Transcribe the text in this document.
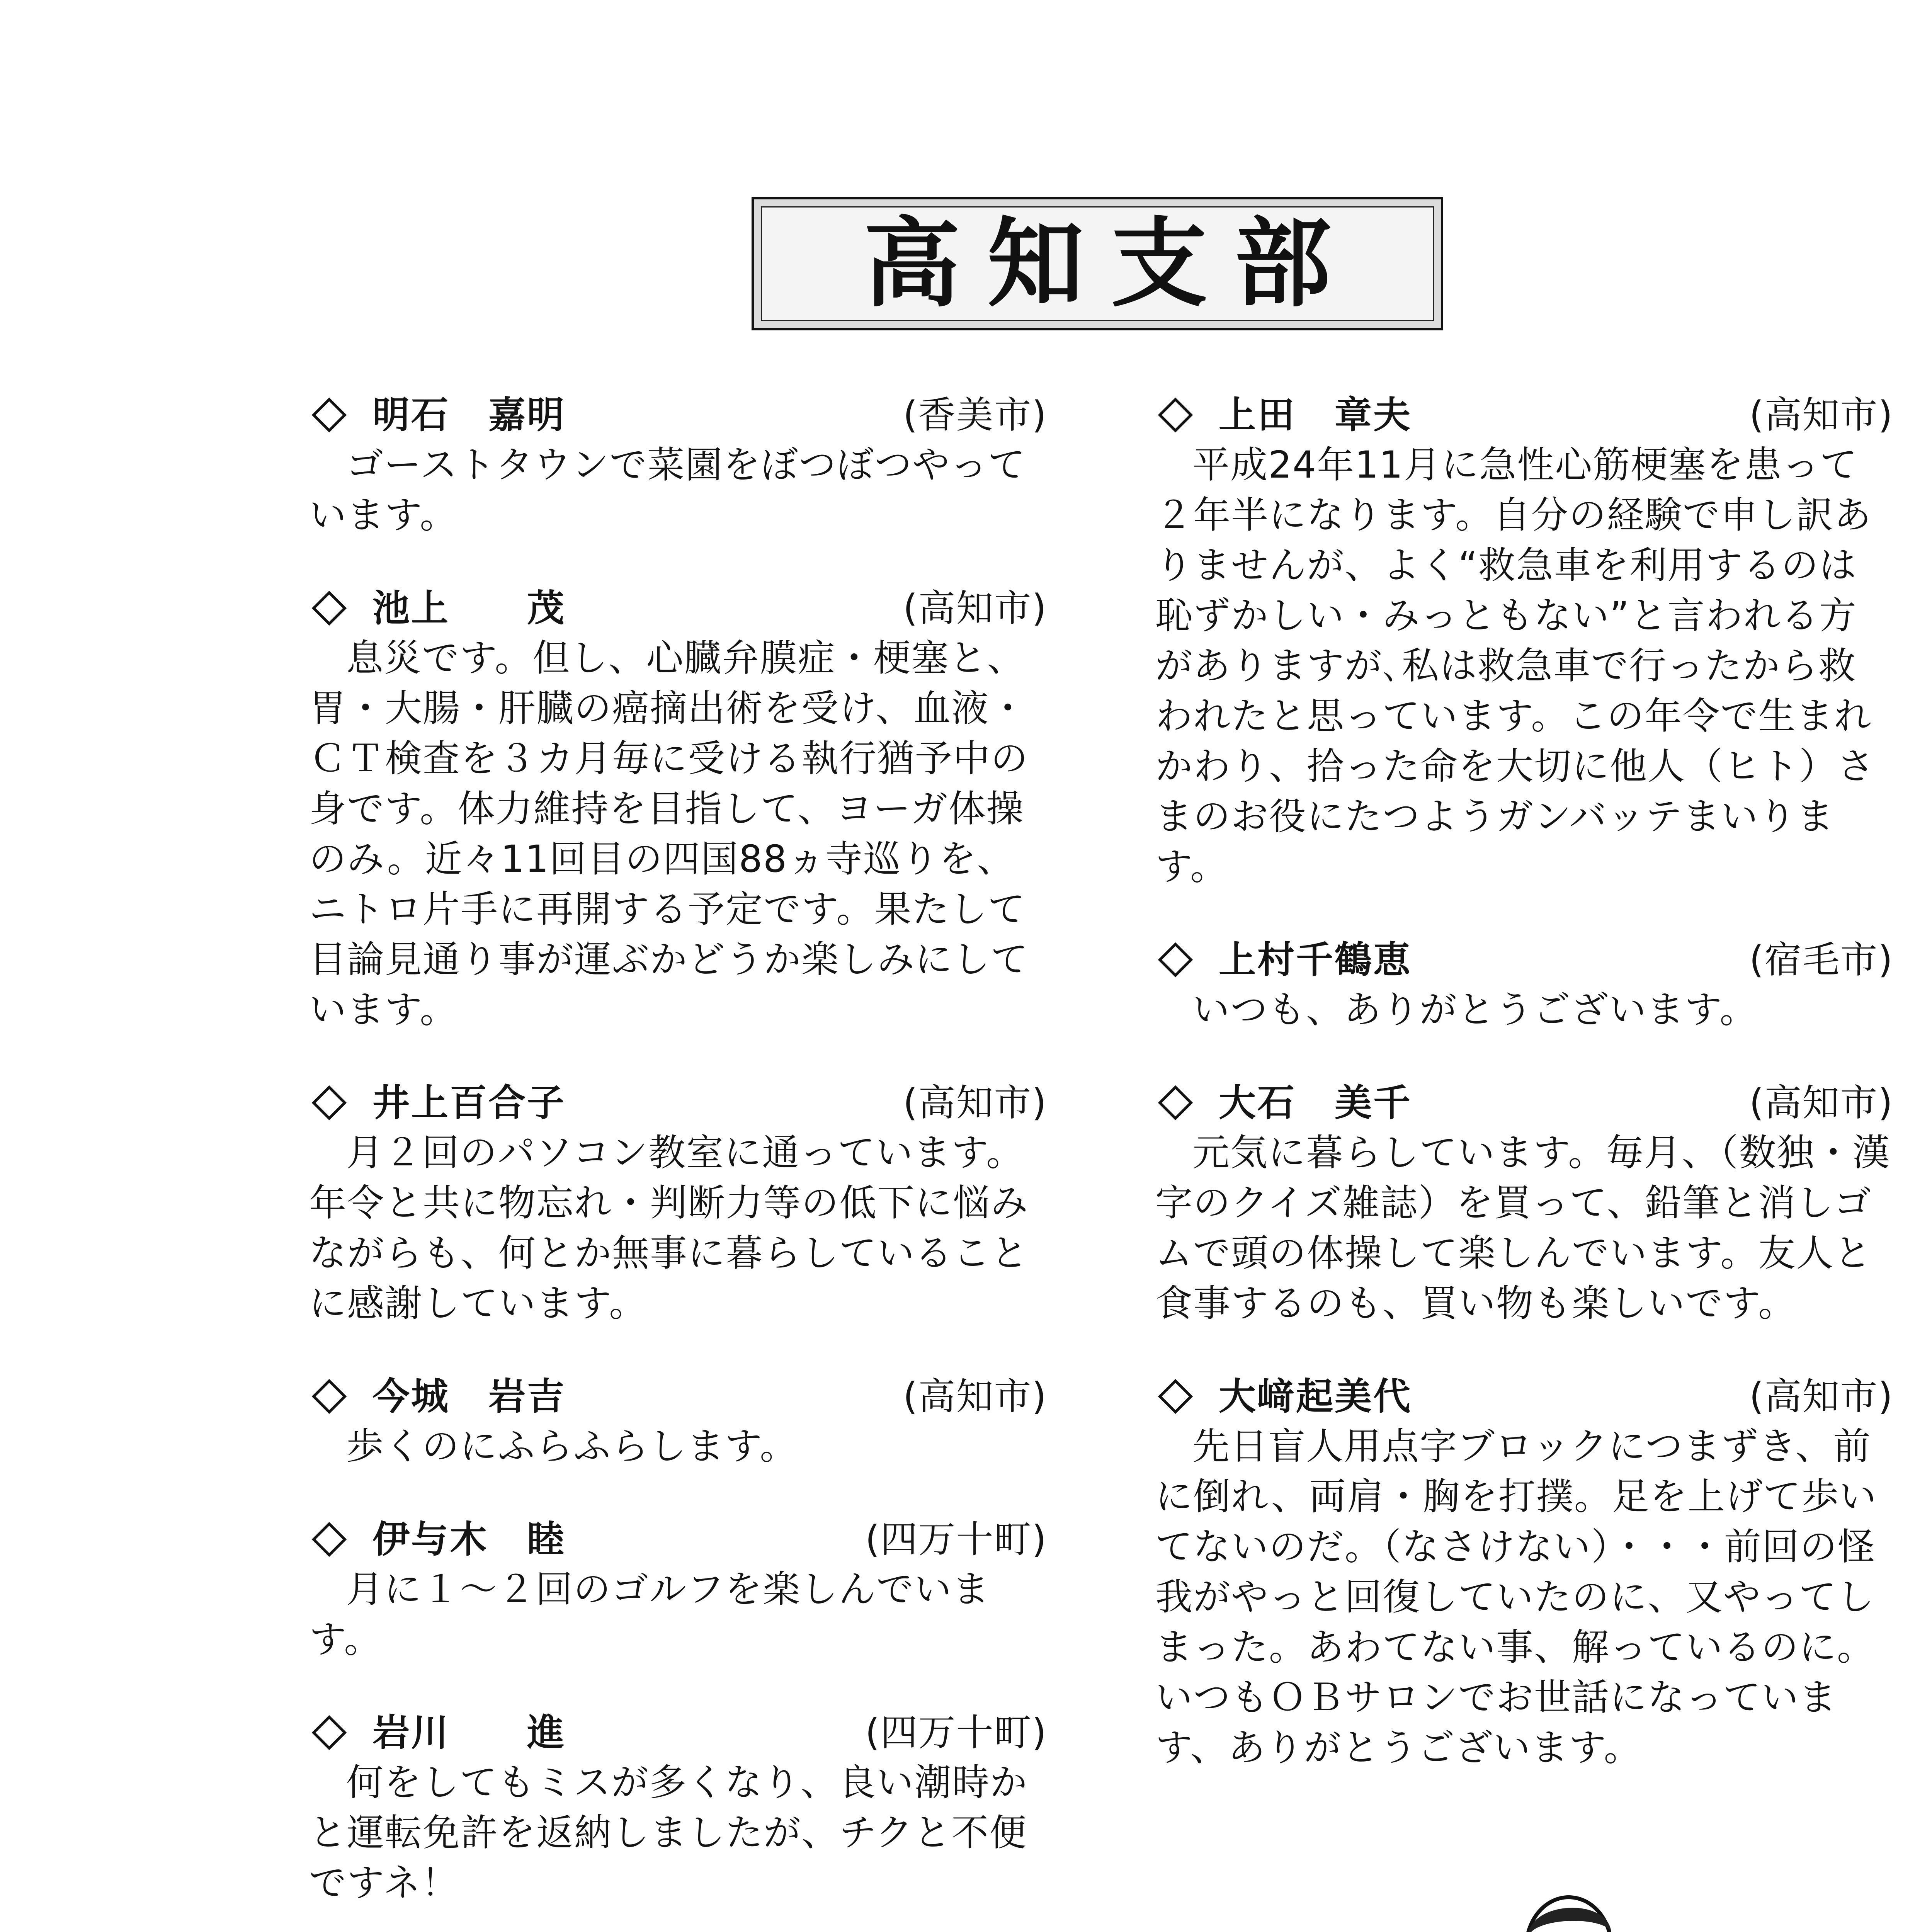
高知支部
明石　嘉明	(香美市)
ゴーストタウンで菜園をぼつぼつやっています。
池上　　茂	(高知市)
息災です。但し、心臓弁膜症・梗塞と、胃・大腸・肝臓の癌摘出術を受け、血液・ＣＴ検査を３カ月毎に受ける執行猶予中の身です。体力維持を目指して、ヨーガ体操のみ。近々11回目の四国88ヵ寺巡りを、ニトロ片手に再開する予定です。果たして目論見通り事が運ぶかどうか楽しみにしています。
井上百合子	(高知市)
月２回のパソコン教室に通っています。年令と共に物忘れ・判断力等の低下に悩みながらも、何とか無事に暮らしていることに感謝しています。
今城　岩吉	(高知市)
歩くのにふらふらします。
伊与木　睦	(四万十町)
月に１～２回のゴルフを楽しんでいます。
岩川　　進	(四万十町)
何をしてもミスが多くなり、良い潮時かと運転免許を返納しましたが、チクと不便ですネ！
上田　章夫	(高知市)
平成24年11月に急性心筋梗塞を患って２年半になります。自分の経験で申し訳ありませんが、よく“救急車を利用するのは恥ずかしい・みっともない”と言われる方がありますが､私は救急車で行ったから救われたと思っています。この年令で生まれかわり、拾った命を大切に他人（ヒト）さまのお役にたつようガンバッテまいります。
上村千鶴恵	(宿毛市)
いつも、ありがとうございます。
大石　美千	(高知市)
元気に暮らしています。毎月、（数独・漢字のクイズ雑誌）を買って、鉛筆と消しゴムで頭の体操して楽しんでいます。友人と食事するのも、買い物も楽しいです。
大﨑起美代	(高知市)
先日盲人用点字ブロックにつまずき、前に倒れ、両肩・胸を打撲。足を上げて歩いてないのだ。（なさけない）・・・前回の怪我がやっと回復していたのに、又やってしまった。あわてない事、解っているのに。いつもＯＢサロンでお世話になっています、ありがとうございます。
